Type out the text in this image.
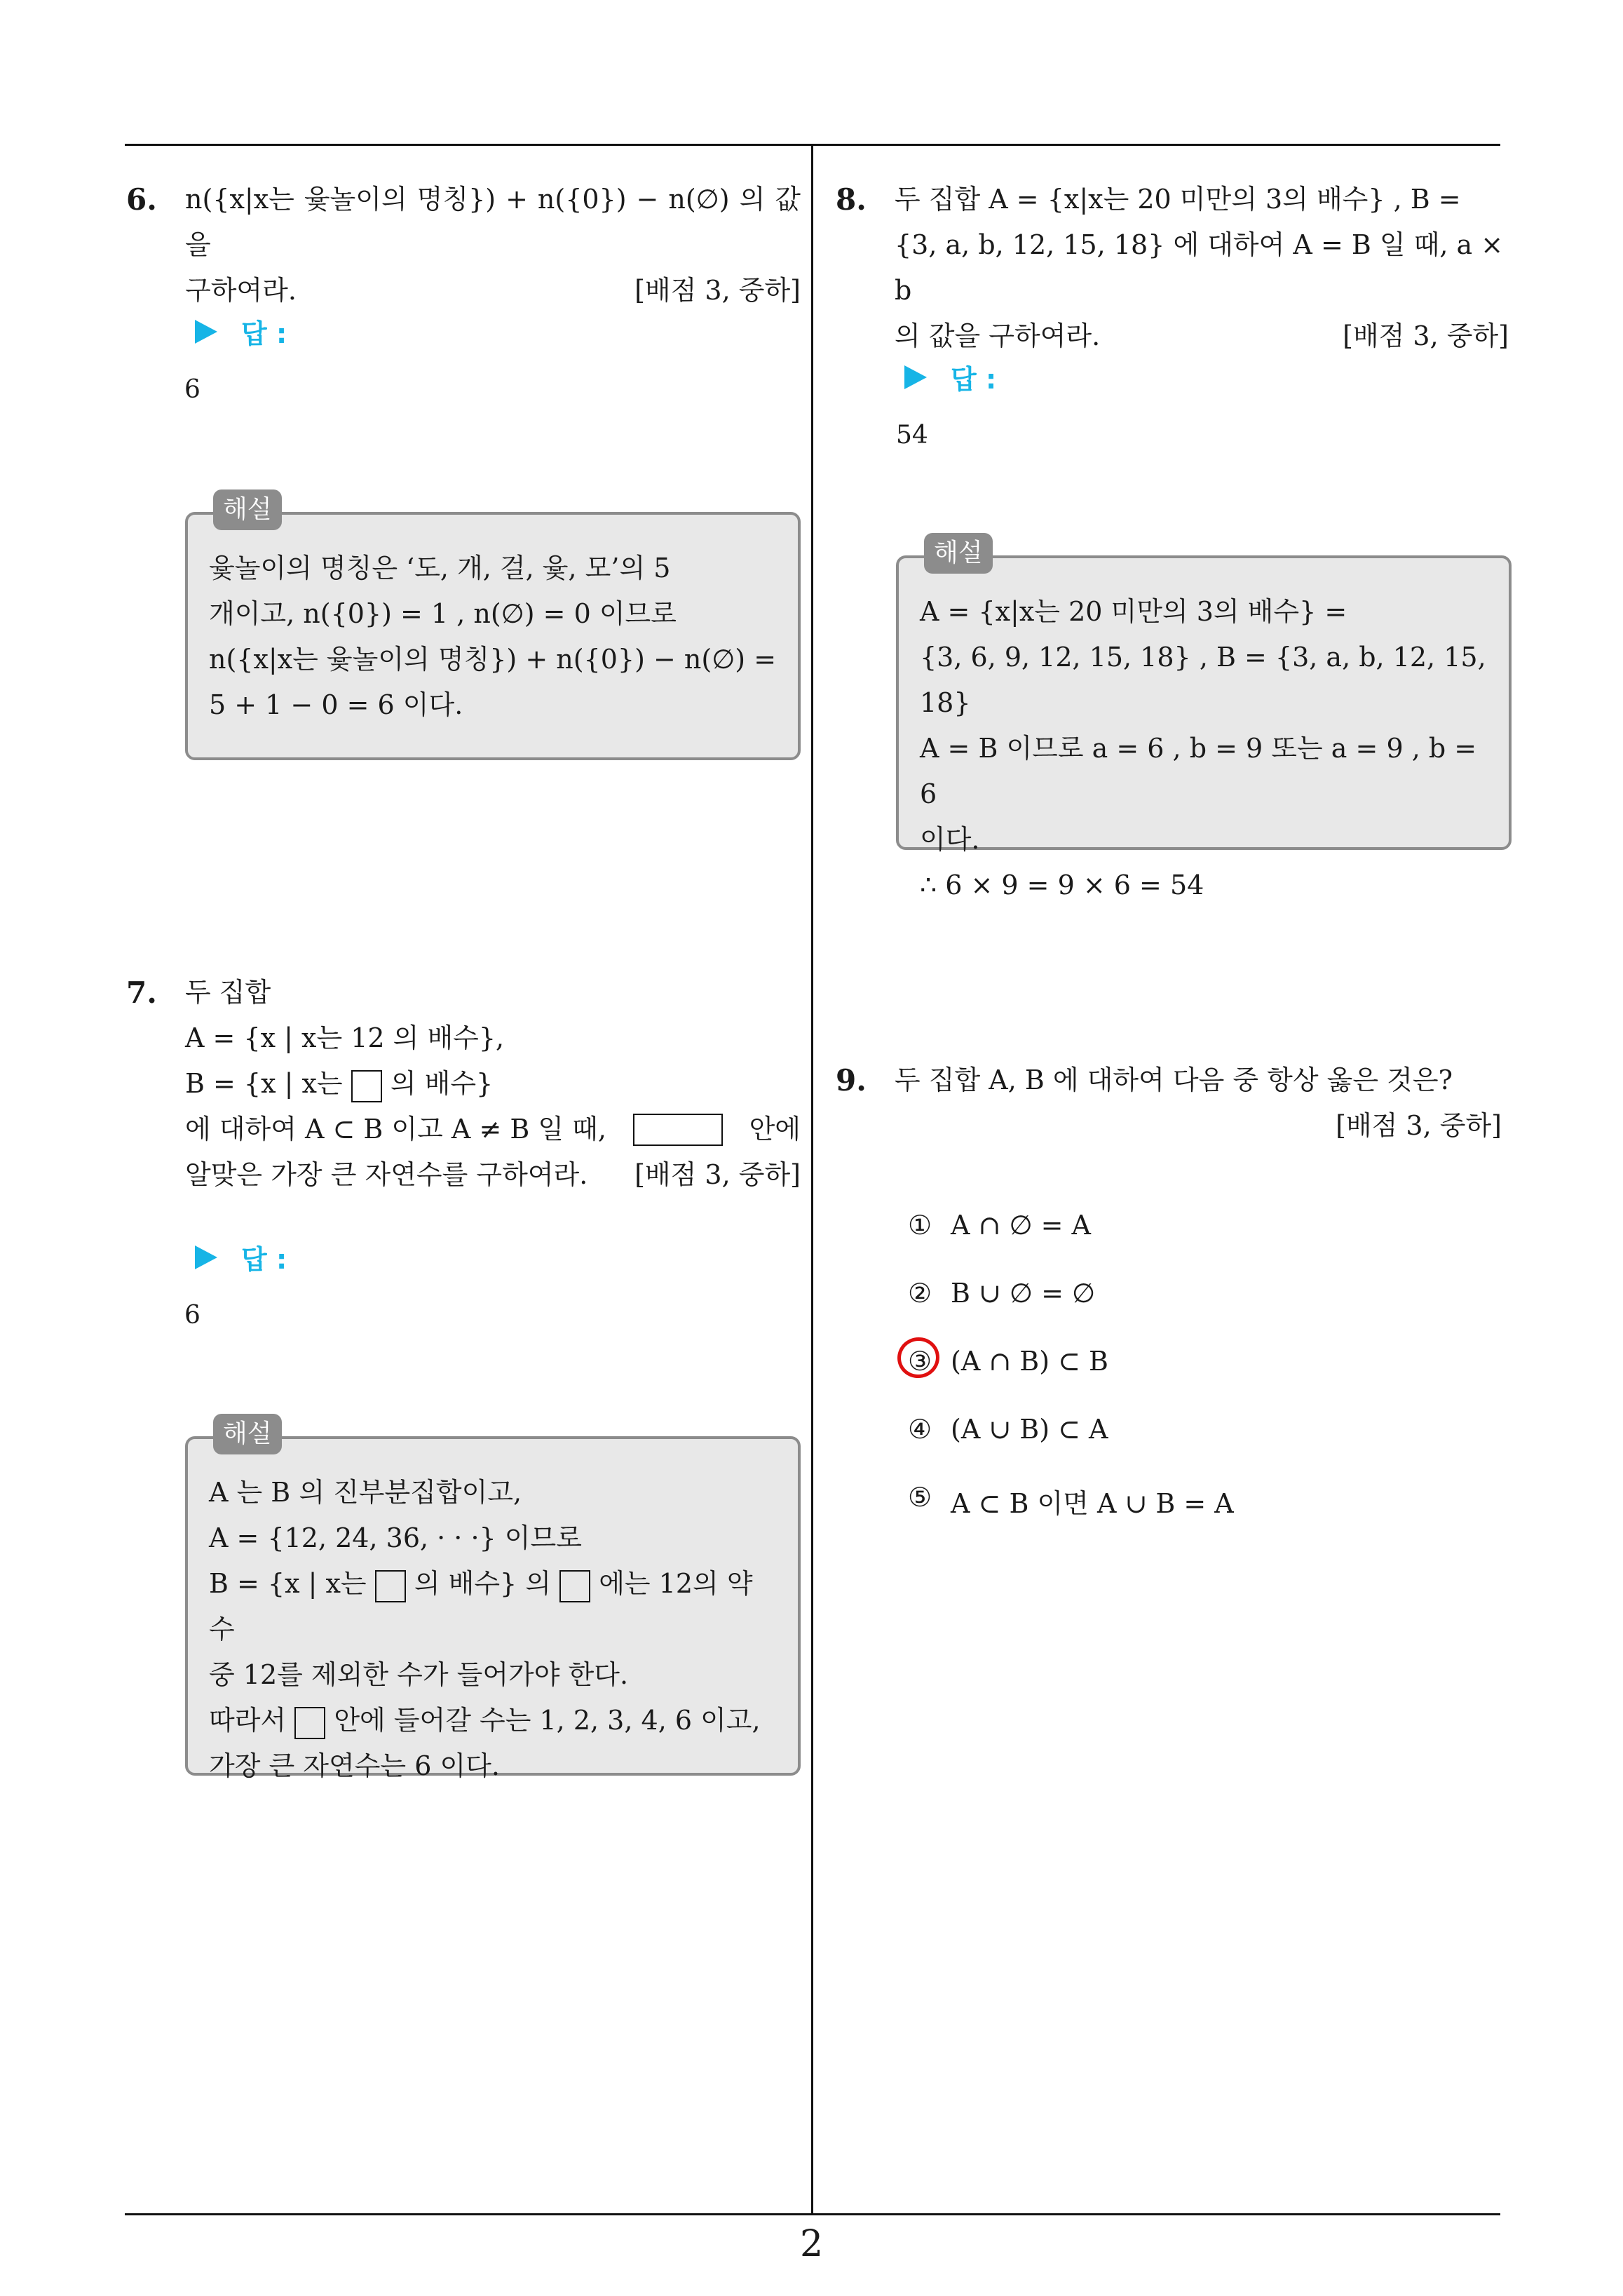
6. n({x|x는 윷놀이의 명칭}) + n({0}) − n(∅) 의 값을

구하여라.	[배점 3, 중하]

답 :
6
해설

윷놀이의 명칭은 ‘도, 개, 걸, 윷, 모’의 5

개이고, n({0}) = 1 , n(∅) = 0 이므로

n({x|x는 윷놀이의 명칭}) + n({0}) − n(∅) =

5 + 1 − 0 = 6 이다.

7. 두 집합

A = {x | x는 12 의 배수},

B = {x | x는 의 배수}

에 대하여 A ⊂ B 이고 A ≠ B 일 때,	안에

알맞은 가장 큰 자연수를 구하여라. [배점 3, 중하]

답 :
6
해설

A 는 B 의 진부분집합이고,

A = {12, 24, 36, · · ·} 이므로

B = {x | x는 의 배수} 의 에는 12의 약수

중 12를 제외한 수가 들어가야 한다.

따라서 안에 들어갈 수는 1, 2, 3, 4, 6 이고,

가장 큰 자연수는 6 이다.

8. 두 집합 A = {x|x는 20 미만의 3의 배수} , B =

{3, a, b, 12, 15, 18} 에 대하여 A = B 일 때, a × b

의 값을 구하여라.	[배점 3, 중하]

답 :
54
해설

A = {x|x는 20 미만의 3의 배수} =

{3, 6, 9, 12, 15, 18} , B = {3, a, b, 12, 15, 18}

A = B 이므로 a = 6 , b = 9 또는 a = 9 , b = 6

이다.

∴ 6 × 9 = 9 × 6 = 54

9. 두 집합 A, B 에 대하여 다음 중 항상 옳은 것은?

[배점 3, 중하]

① A ∩ ∅ = A
② B ∪ ∅ = ∅
③ (A ∩ B) ⊂ B
④ (A ∪ B) ⊂ A
⑤ A ⊂ B 이면 A ∪ B = A
2
